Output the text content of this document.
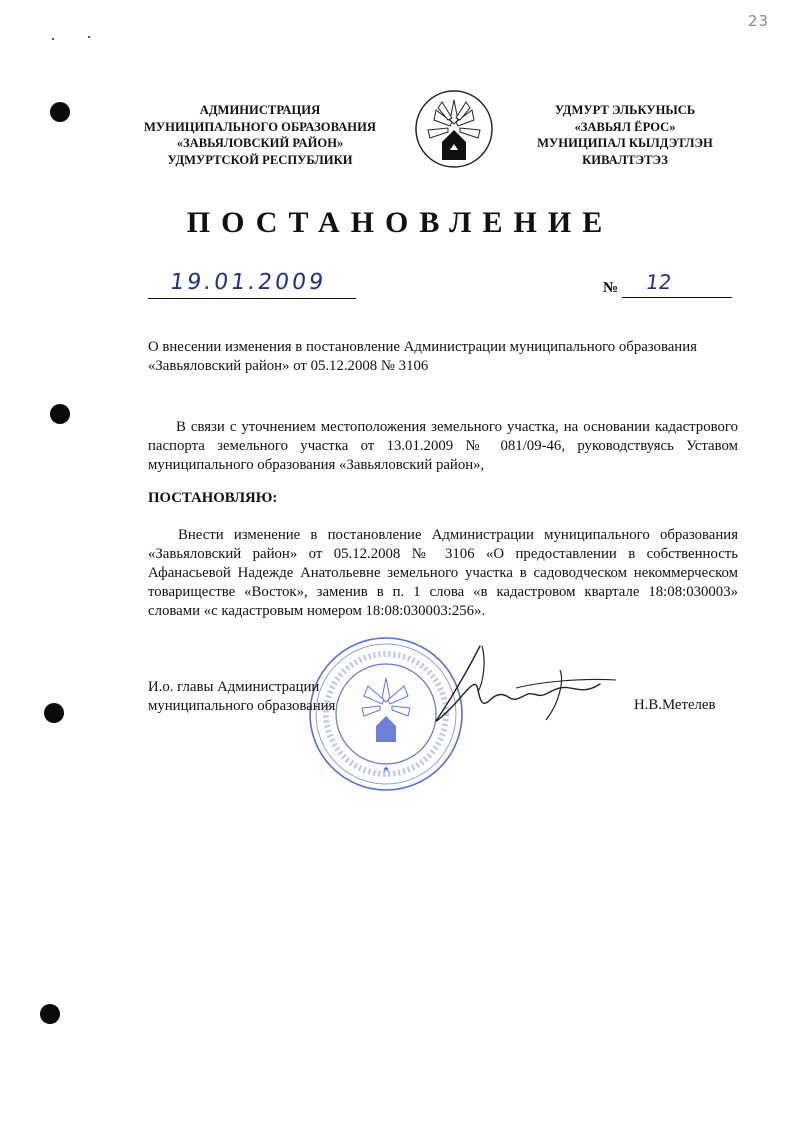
23
АДМИНИСТРАЦИЯ
МУНИЦИПАЛЬНОГО ОБРАЗОВАНИЯ
«ЗАВЬЯЛОВСКИЙ РАЙОН»
УДМУРТСКОЙ РЕСПУБЛИКИ
УДМУРТ ЭЛЬКУНЫСЬ
«ЗАВЬЯЛ ЁРОС»
МУНИЦИПАЛ КЫЛДЭТЛЭН
КИВАЛТЭТЭЗ
ПОСТАНОВЛЕНИЕ
19.01.2009	№ 12
О внесении изменения в постановление Администрации муниципального образования «Завьяловский район» от 05.12.2008 № 3106
В связи с уточнением местоположения земельного участка, на основании кадастрового паспорта земельного участка от 13.01.2009 № 081/09-46, руководствуясь Уставом муниципального образования «Завьяловский район»,
ПОСТАНОВЛЯЮ:
Внести изменение в постановление Администрации муниципального образования «Завьяловский район» от 05.12.2008 № 3106 «О предоставлении в собственность Афанасьевой Надежде Анатольевне земельного участка в садоводческом некоммерческом товариществе «Восток», заменив в п. 1 слова «в кадастровом квартале 18:08:030003» словами «с кадастровым номером 18:08:030003:256».
И.о. главы Администрации
муниципального образования	Н.В.Метелев
